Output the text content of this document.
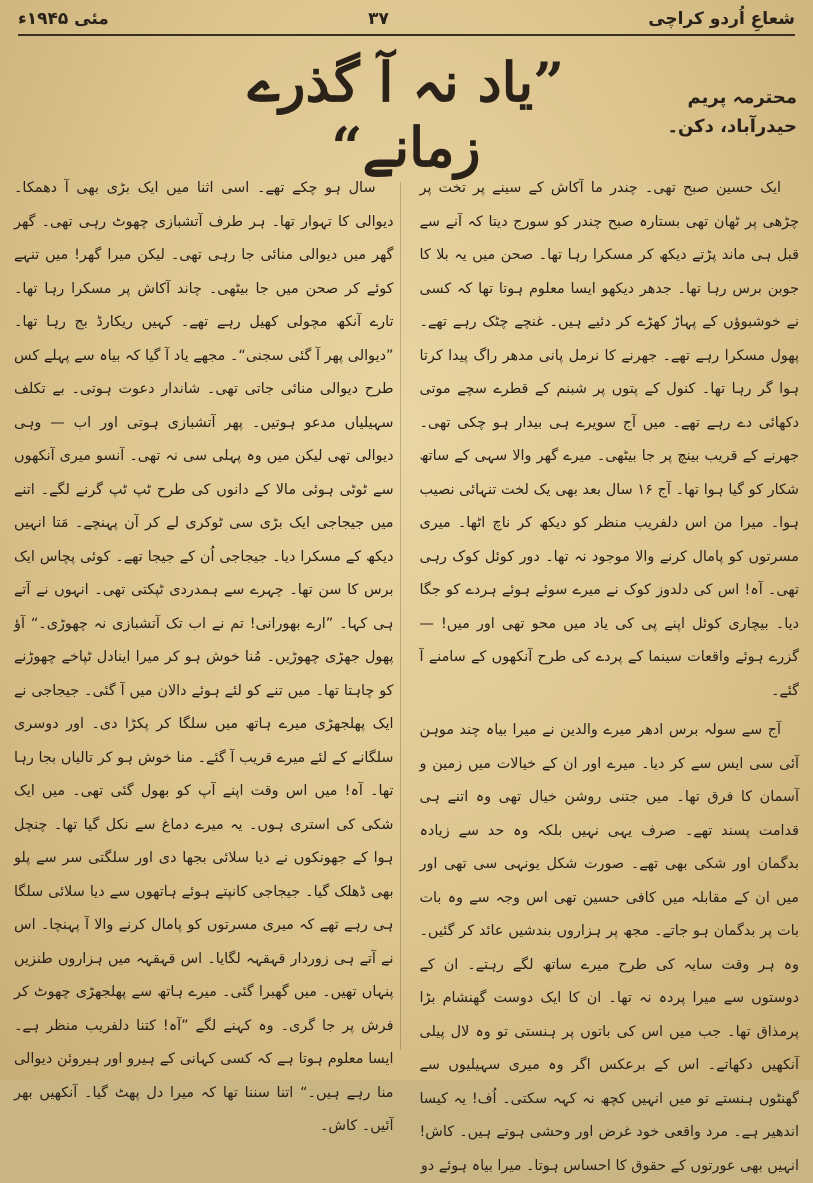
شعاعِ اُردو کراچی
۳۷
مئی ۱۹۴۵ء
محترمہ پریم
حیدرآباد، دکن۔
”یاد نہ آ گذرے زمانے“

ایک حسین صبح تھی۔ چندر ما آکاش کے سینے پر تخت پر چڑھی پر ٹھان تھی بستارہ صبح چندر کو سورج دیتا کہ آنے سے قبل ہی ماند پڑتے دیکھ کر مسکرا رہا تھا۔ صحن میں یہ بلا کا جوبن برس رہا تھا۔ جدھر دیکھو ایسا معلوم ہوتا تھا کہ کسی نے خوشبوؤں کے پہاڑ کھڑے کر دئیے ہیں۔ غنچے چٹک رہے تھے۔ پھول مسکرا رہے تھے۔ جھرنے کا نرمل پانی مدھر راگ پیدا کرتا ہوا گر رہا تھا۔ کنول کے پتوں پر شبنم کے قطرے سچے موتی دکھائی دے رہے تھے۔ میں آج سویرے ہی بیدار ہو چکی تھی۔ جھرنے کے قریب بینچ پر جا بیٹھی۔ میرے گھر والا سہی کے ساتھ شکار کو گیا ہوا تھا۔ آج ۱۶ سال بعد بھی یک لخت تنہائی نصیب ہوا۔ میرا من اس دلفریب منظر کو دیکھ کر ناچ اٹھا۔ میری مسرتوں کو پامال کرنے والا موجود نہ تھا۔ دور کوئل کوک رہی تھی۔ آہ! اس کی دلدوز کوک نے میرے سوئے ہوئے ہردے کو جگا دیا۔ بیچاری کوئل اپنے پی کی یاد میں محو تھی اور میں! — گزرے ہوئے واقعات سینما کے پردے کی طرح آنکھوں کے سامنے آ گئے۔

آج سے سولہ برس ادھر میرے والدین نے میرا بیاہ چند موہن آئی سی ایس سے کر دیا۔ میرے اور ان کے خیالات میں زمین و آسمان کا فرق تھا۔ میں جتنی روشن خیال تھی وہ اتنے ہی قدامت پسند تھے۔ صرف یہی نہیں بلکہ وہ حد سے زیادہ بدگمان اور شکی بھی تھے۔ صورت شکل یونہی سی تھی اور میں ان کے مقابلہ میں کافی حسین تھی اس وجہ سے وہ بات بات پر بدگمان ہو جاتے۔ مجھ پر ہزاروں بندشیں عائد کر گئیں۔ وہ ہر وقت سایہ کی طرح میرے ساتھ لگے رہتے۔ ان کے دوستوں سے میرا پردہ نہ تھا۔ ان کا ایک دوست گھنشام بڑا پرمذاق تھا۔ جب میں اس کی باتوں پر ہنستی تو وہ لال پیلی آنکھیں دکھاتے۔ اس کے برعکس اگر وہ میری سہیلیوں سے گھنٹوں ہنستے تو میں انہیں کچھ نہ کہہ سکتی۔ اُف! یہ کیسا اندھیر ہے۔ مرد واقعی خود غرض اور وحشی ہوتے ہیں۔ کاش! انہیں بھی عورتوں کے حقوق کا احساس ہوتا۔ میرا بیاہ ہوئے دو

سال ہو چکے تھے۔ اسی اثنا میں ایک بڑی بھی آ دھمکا۔ دیوالی کا تہوار تھا۔ ہر طرف آتشبازی چھوٹ رہی تھی۔ گھر گھر میں دیوالی منائی جا رہی تھی۔ لیکن میرا گھر! میں تنہے کوئے کر صحن میں جا بیٹھی۔ چاند آکاش پر مسکرا رہا تھا۔ تارے آنکھ مچولی کھیل رہے تھے۔ کہیں ریکارڈ بج رہا تھا۔ ”دیوالی پھر آ گئی سجنی“۔ مجھے یاد آ گیا کہ بیاہ سے پہلے کس طرح دیوالی منائی جاتی تھی۔ شاندار دعوت ہوتی۔ بے تکلف سہیلیاں مدعو ہوتیں۔ پھر آتشبازی ہوتی اور اب — وہی دیوالی تھی لیکن میں وہ پہلی سی نہ تھی۔ آنسو میری آنکھوں سے ٹوٹی ہوئی مالا کے دانوں کی طرح ٹپ ٹپ گرنے لگے۔ اتنے میں جیجاجی ایک بڑی سی ٹوکری لے کر آن پہنچے۔ مَتا انہیں دیکھ کے مسکرا دیا۔ جیجاجی اُن کے جیجا تھے۔ کوئی پچاس ایک برس کا سن تھا۔ چہرے سے ہمدردی ٹپکتی تھی۔ انہوں نے آتے ہی کہا۔ ”ارے بھورانی! تم نے اب تک آتشبازی نہ چھوڑی۔“ آؤ پھول جھڑی چھوڑیں۔ مُنا خوش ہو کر میرا اینادل ٹپاخے چھوڑنے کو چاہتا تھا۔ میں تنے کو لئے ہوئے دالان میں آ گئی۔ جیجاجی نے ایک پھلجھڑی میرے ہاتھ میں سلگا کر پکڑا دی۔ اور دوسری سلگانے کے لئے میرے قریب آ گئے۔ منا خوش ہو کر تالیاں بجا رہا تھا۔ آہ! میں اس وقت اپنے آپ کو بھول گئی تھی۔ میں ایک شکی کی استری ہوں۔ یہ میرے دماغ سے نکل گیا تھا۔ چنچل ہوا کے جھونکوں نے دیا سلائی بجھا دی اور سلگتی سر سے پلو بھی ڈھلک گیا۔ جیجاجی کانپتے ہوئے ہاتھوں سے دیا سلائی سلگا ہی رہے تھے کہ میری مسرتوں کو پامال کرنے والا آ پہنچا۔ اس نے آتے ہی زوردار قہقہہ لگایا۔ اس قہقہہ میں ہزاروں طنزیں پنہاں تھیں۔ میں گھبرا گئی۔ میرے ہاتھ سے پھلجھڑی چھوٹ کر فرش پر جا گری۔ وہ کہنے لگے ”آہ! کتنا دلفریب منظر ہے۔ ایسا معلوم ہوتا ہے کہ کسی کہانی کے ہیرو اور ہیروئن دیوالی منا رہے ہیں۔“ اتنا سننا تھا کہ میرا دل پھٹ گیا۔ آنکھیں بھر آئیں۔ کاش۔
